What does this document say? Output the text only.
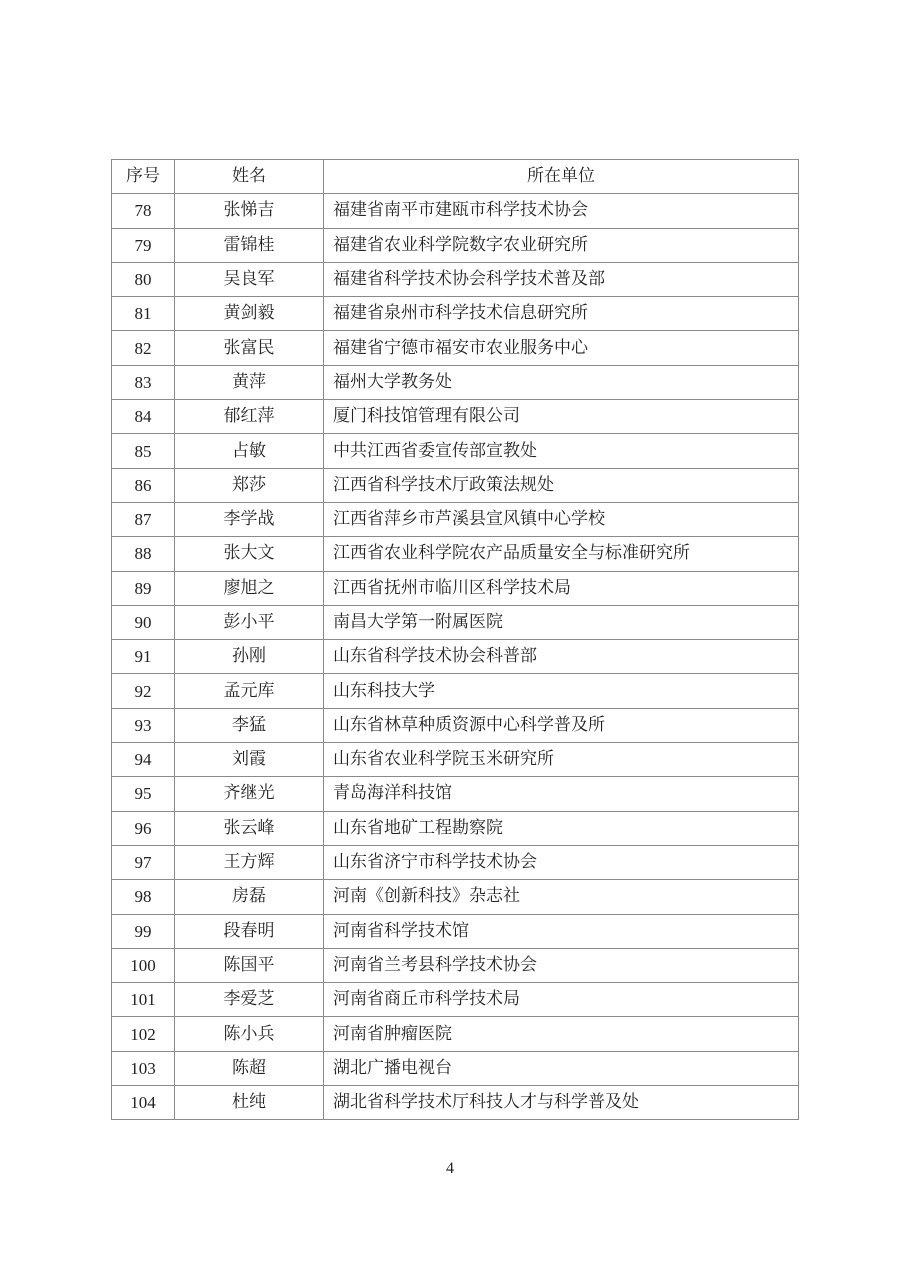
序号	姓名	所在单位
78	张悌吉	福建省南平市建瓯市科学技术协会
79	雷锦桂	福建省农业科学院数字农业研究所
80	吴良军	福建省科学技术协会科学技术普及部
81	黄剑毅	福建省泉州市科学技术信息研究所
82	张富民	福建省宁德市福安市农业服务中心
83	黄萍	福州大学教务处
84	郁红萍	厦门科技馆管理有限公司
85	占敏	中共江西省委宣传部宣教处
86	郑莎	江西省科学技术厅政策法规处
87	李学战	江西省萍乡市芦溪县宣风镇中心学校
88	张大文	江西省农业科学院农产品质量安全与标准研究所
89	廖旭之	江西省抚州市临川区科学技术局
90	彭小平	南昌大学第一附属医院
91	孙刚	山东省科学技术协会科普部
92	孟元库	山东科技大学
93	李猛	山东省林草种质资源中心科学普及所
94	刘霞	山东省农业科学院玉米研究所
95	齐继光	青岛海洋科技馆
96	张云峰	山东省地矿工程勘察院
97	王方辉	山东省济宁市科学技术协会
98	房磊	河南《创新科技》杂志社
99	段春明	河南省科学技术馆
100	陈国平	河南省兰考县科学技术协会
101	李爱芝	河南省商丘市科学技术局
102	陈小兵	河南省肿瘤医院
103	陈超	湖北广播电视台
104	杜纯	湖北省科学技术厅科技人才与科学普及处
4
